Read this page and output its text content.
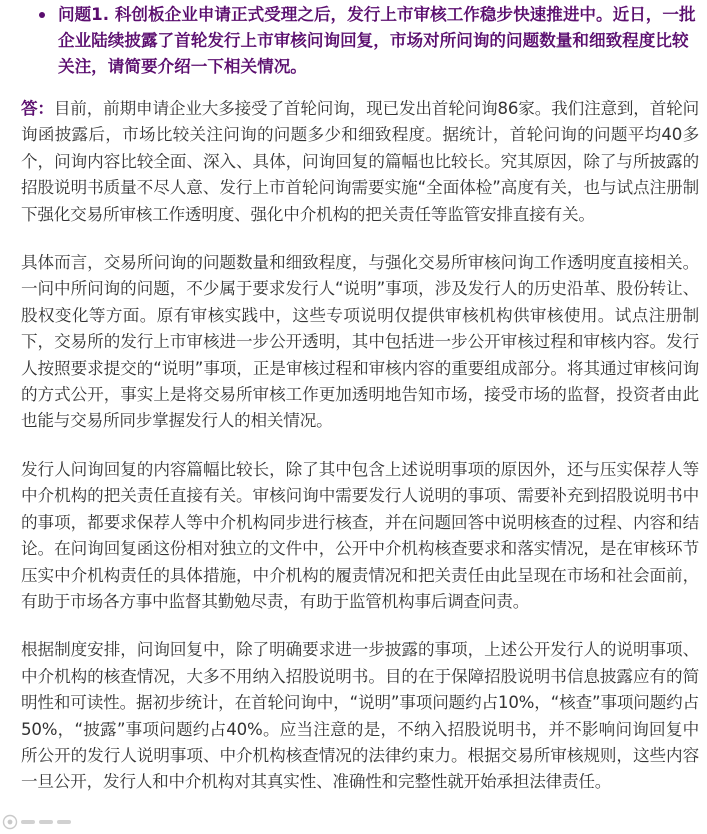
问题1. 科创板企业申请正式受理之后，发行上市审核工作稳步快速推进中。近日，一批企业陆续披露了首轮发行上市审核问询回复，市场对所问询的问题数量和细致程度比较关注，请简要介绍一下相关情况。

答：目前，前期申请企业大多接受了首轮问询，现已发出首轮问询86家。我们注意到，首轮问询函披露后，市场比较关注问询的问题多少和细致程度。据统计，首轮问询的问题平均40多个，问询内容比较全面、深入、具体，问询回复的篇幅也比较长。究其原因，除了与所披露的招股说明书质量不尽人意、发行上市首轮问询需要实施“全面体检”高度有关，也与试点注册制下强化交易所审核工作透明度、强化中介机构的把关责任等监管安排直接有关。

具体而言，交易所问询的问题数量和细致程度，与强化交易所审核问询工作透明度直接相关。一问中所问询的问题，不少属于要求发行人“说明”事项，涉及发行人的历史沿革、股份转让、股权变化等方面。原有审核实践中，这些专项说明仅提供审核机构供审核使用。试点注册制下，交易所的发行上市审核进一步公开透明，其中包括进一步公开审核过程和审核内容。发行人按照要求提交的“说明”事项，正是审核过程和审核内容的重要组成部分。将其通过审核问询的方式公开，事实上是将交易所审核工作更加透明地告知市场，接受市场的监督，投资者由此也能与交易所同步掌握发行人的相关情况。

发行人问询回复的内容篇幅比较长，除了其中包含上述说明事项的原因外，还与压实保荐人等中介机构的把关责任直接有关。审核问询中需要发行人说明的事项、需要补充到招股说明书中的事项，都要求保荐人等中介机构同步进行核查，并在问题回答中说明核查的过程、内容和结论。在问询回复函这份相对独立的文件中，公开中介机构核查要求和落实情况，是在审核环节压实中介机构责任的具体措施，中介机构的履责情况和把关责任由此呈现在市场和社会面前，有助于市场各方事中监督其勤勉尽责，有助于监管机构事后调查问责。

根据制度安排，问询回复中，除了明确要求进一步披露的事项，上述公开发行人的说明事项、中介机构的核查情况，大多不用纳入招股说明书。目的在于保障招股说明书信息披露应有的简明性和可读性。据初步统计，在首轮问询中，“说明”事项问题约占10%，“核查”事项问题约占50%，“披露”事项问题约占40%。应当注意的是，不纳入招股说明书，并不影响问询回复中所公开的发行人说明事项、中介机构核查情况的法律约束力。根据交易所审核规则，这些内容一旦公开，发行人和中介机构对其真实性、准确性和完整性就开始承担法律责任。
